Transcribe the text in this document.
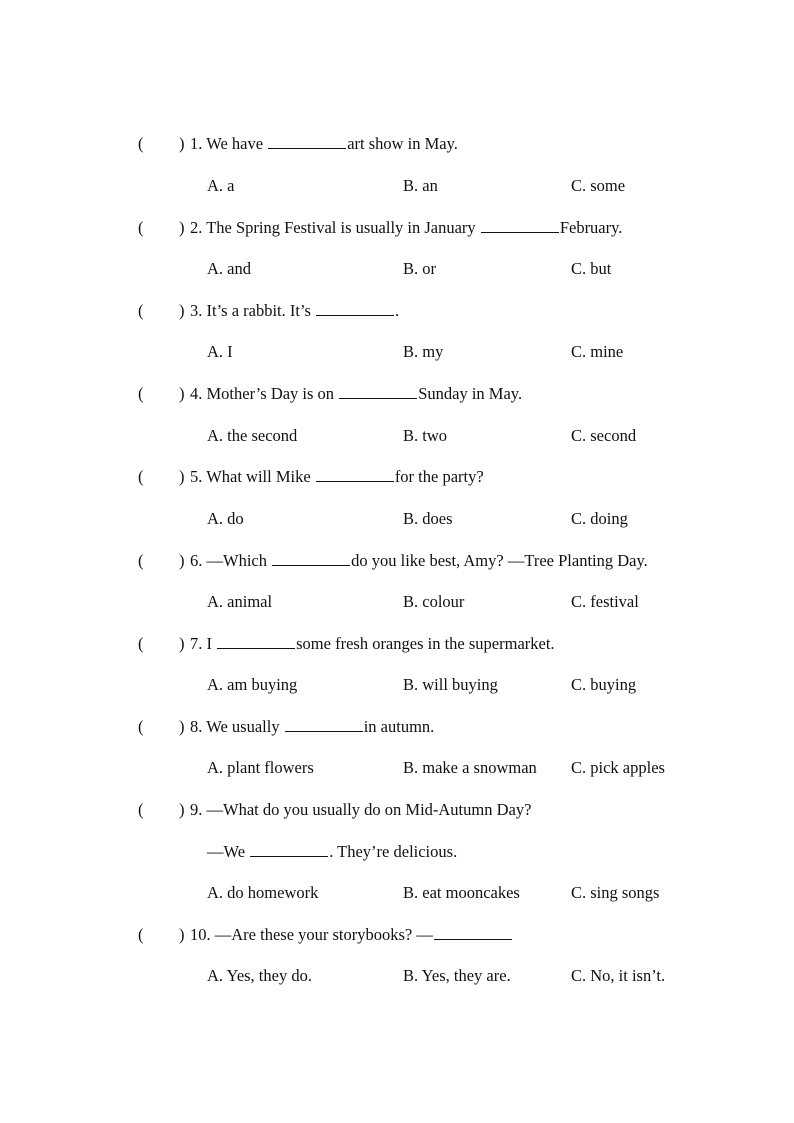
( ) 1. We have	art show in May.
A. a	B. an	C. some
( ) 2. The Spring Festival is usually in January	February.
A. and	B. or	C. but
( ) 3. It’s a rabbit. It’s	.
A. I	B. my	C. mine
( ) 4. Mother’s Day is on	Sunday in May.
A. the second	B. two	C. second
( ) 5. What will Mike	for the party?
A. do	B. does	C. doing
( ) 6. —Which	do you like best, Amy? —Tree Planting Day.
A. animal	B. colour	C. festival
( ) 7. I	some fresh oranges in the supermarket.
A. am buying	B. will buying	C. buying
( ) 8. We usually	in autumn.
A. plant flowers	B. make a snowman C. pick apples
( ) 9. —What do you usually do on Mid-Autumn Day?
—We	. They’re delicious.
A. do homework	B. eat mooncakes	C. sing songs
( ) 10. —Are these your storybooks? —
A. Yes, they do.	B. Yes, they are.	C. No, it isn’t.
